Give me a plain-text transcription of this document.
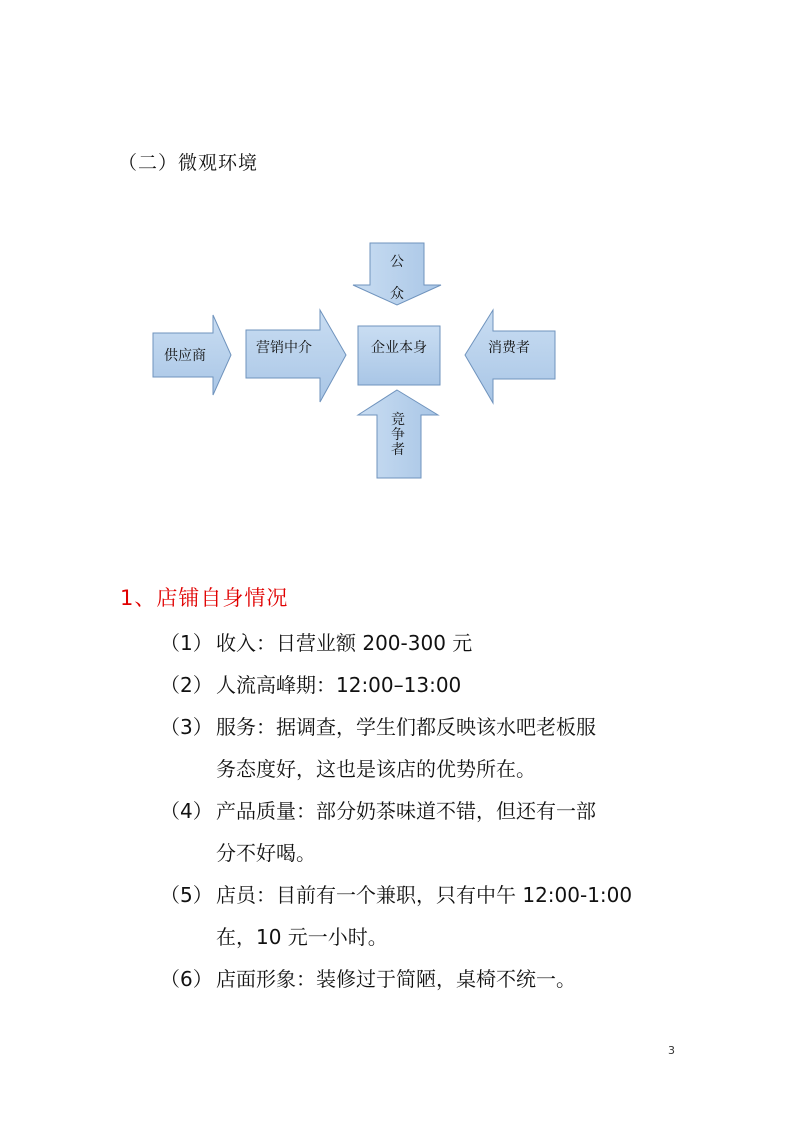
（二）微观环境
公
众
供应商	营销中介	企业本身	消费者
竞
争
者
1、店铺自身情况
（1） 收入：日营业额 200-300 元
（2） 人流高峰期：12:00–13:00
（3） 服务：据调查，学生们都反映该水吧老板服
务态度好，这也是该店的优势所在。
（4） 产品质量：部分奶茶味道不错，但还有一部
分不好喝。
（5） 店员：目前有一个兼职，只有中午 12:00-1:00
在，10 元一小时。
（6） 店面形象：装修过于简陋，桌椅不统一。
3
